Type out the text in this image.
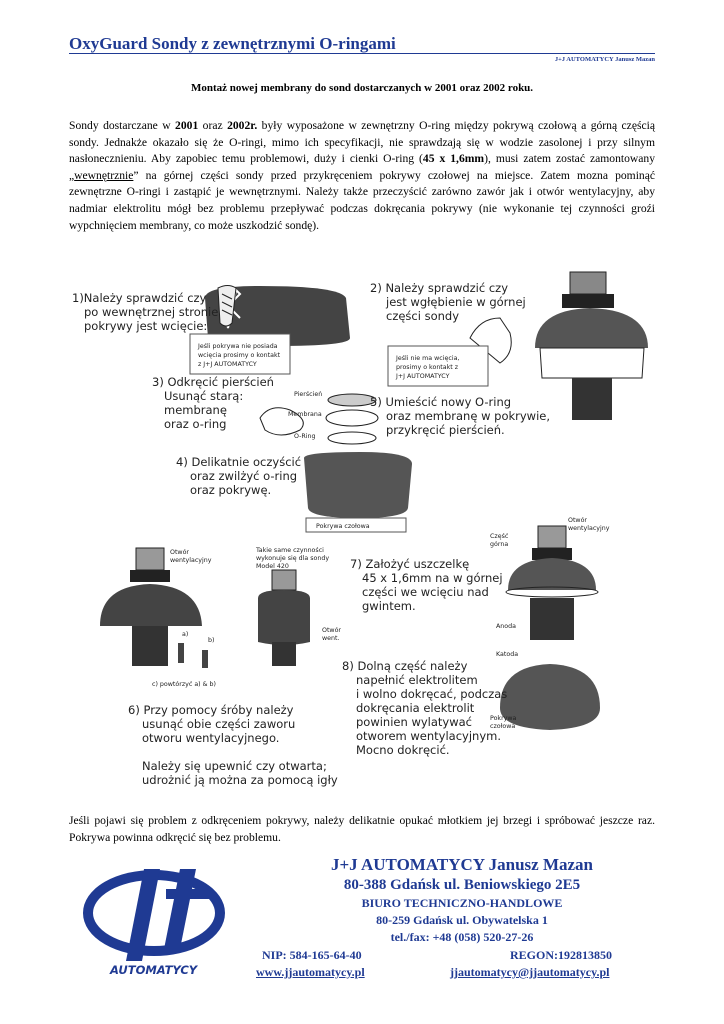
OxyGuard Sondy z zewnętrznymi O-ringami
J+J AUTOMATYCY Janusz Mazan
Montaż nowej membrany do sond dostarczanych w 2001 oraz 2002 roku.
Sondy dostarczane w 2001 oraz 2002r. były wyposażone w zewnętrzny O-ring między pokrywą czołową a górną częścią sondy. Jednakże okazało się że O-ringi, mimo ich specyfikacji, nie sprawdzają się w wodzie zasolonej i przy silnym nasłonecznieniu. Aby zapobiec temu problemowi, duży i cienki O-ring (45 x 1,6mm), musi zatem zostać zamontowany „wewnętrznie” na górnej części sondy przed przykręceniem pokrywy czołowej na miejsce. Zatem mozna pominąć zewnętrzne O-ringi i zastąpić je wewnętrznymi. Należy także przeczyścić zarówno zawór jak i otwór wentylacyjny, aby nadmiar elektrolitu mógł bez problemu przepływać podczas dokręcania pokrywy (nie wykonanie tej czynności groźi wypchnięciem membrany, co może uszkodzić sondę).
1)Należy sprawdzić czy
po wewnętrznej stronie
pokrywy jest wcięcie:
Jeśli pokrywa nie posiada
wcięcia prosimy o kontakt
z J+J AUTOMATYCY
2) Należy sprawdzić czy
jest wgłębienie w górnej
części sondy
Jeśli nie ma wcięcia,
prosimy o kontakt z
J+J AUTOMATYCY
3) Odkręcić pierścień
Usunąć starą:
membranę
oraz o-ring
Pierścień
Membrana
O-Ring
5) Umieścić nowy O-ring
oraz membranę w pokrywie,
przykręcić pierścień.
Pokrywa czołowa
4) Delikatnie oczyścić
oraz zwilżyć o-ring
oraz pokrywę.
Otwór
wentylacyjny
a)
b)
c) powtórzyć a) & b)
6) Przy pomocy śróby należy
usunąć obie części zaworu
otworu wentylacyjnego.
Należy się upewnić czy otwarta;
udrożnić ją można za pomocą igły
Takie same czynności
wykonuje się dla sondy
Model 420
Otwór
went.
Część
górna
Otwór
wentylacyjny
7) Założyć uszczelkę
45 x 1,6mm na w górnej
części we wcięciu nad
gwintem.
Anoda
Katoda
8) Dolną część należy
napełnić elektrolitem
i wolno dokręcać, podczas
dokręcania elektrolit
powinien wylatywać
otworem wentylacyjnym.
Mocno dokręcić.
Pokrywa
czołowa
Jeśli pojawi się problem z odkręceniem pokrywy, należy delikatnie opukać młotkiem jej brzegi i spróbować jeszcze raz. Pokrywa powinna odkręcić się bez problemu.
AUTOMATYCY
J+J AUTOMATYCY Janusz Mazan
80-388 Gdańsk ul. Beniowskiego 2E5
BIURO TECHNICZNO-HANDLOWE
80-259 Gdańsk ul. Obywatelska 1
tel./fax: +48 (058) 520-27-26
NIP: 584-165-64-40	REGON:192813850
www.jjautomatycy.pl	jjautomatycy@jjautomatycy.pl
